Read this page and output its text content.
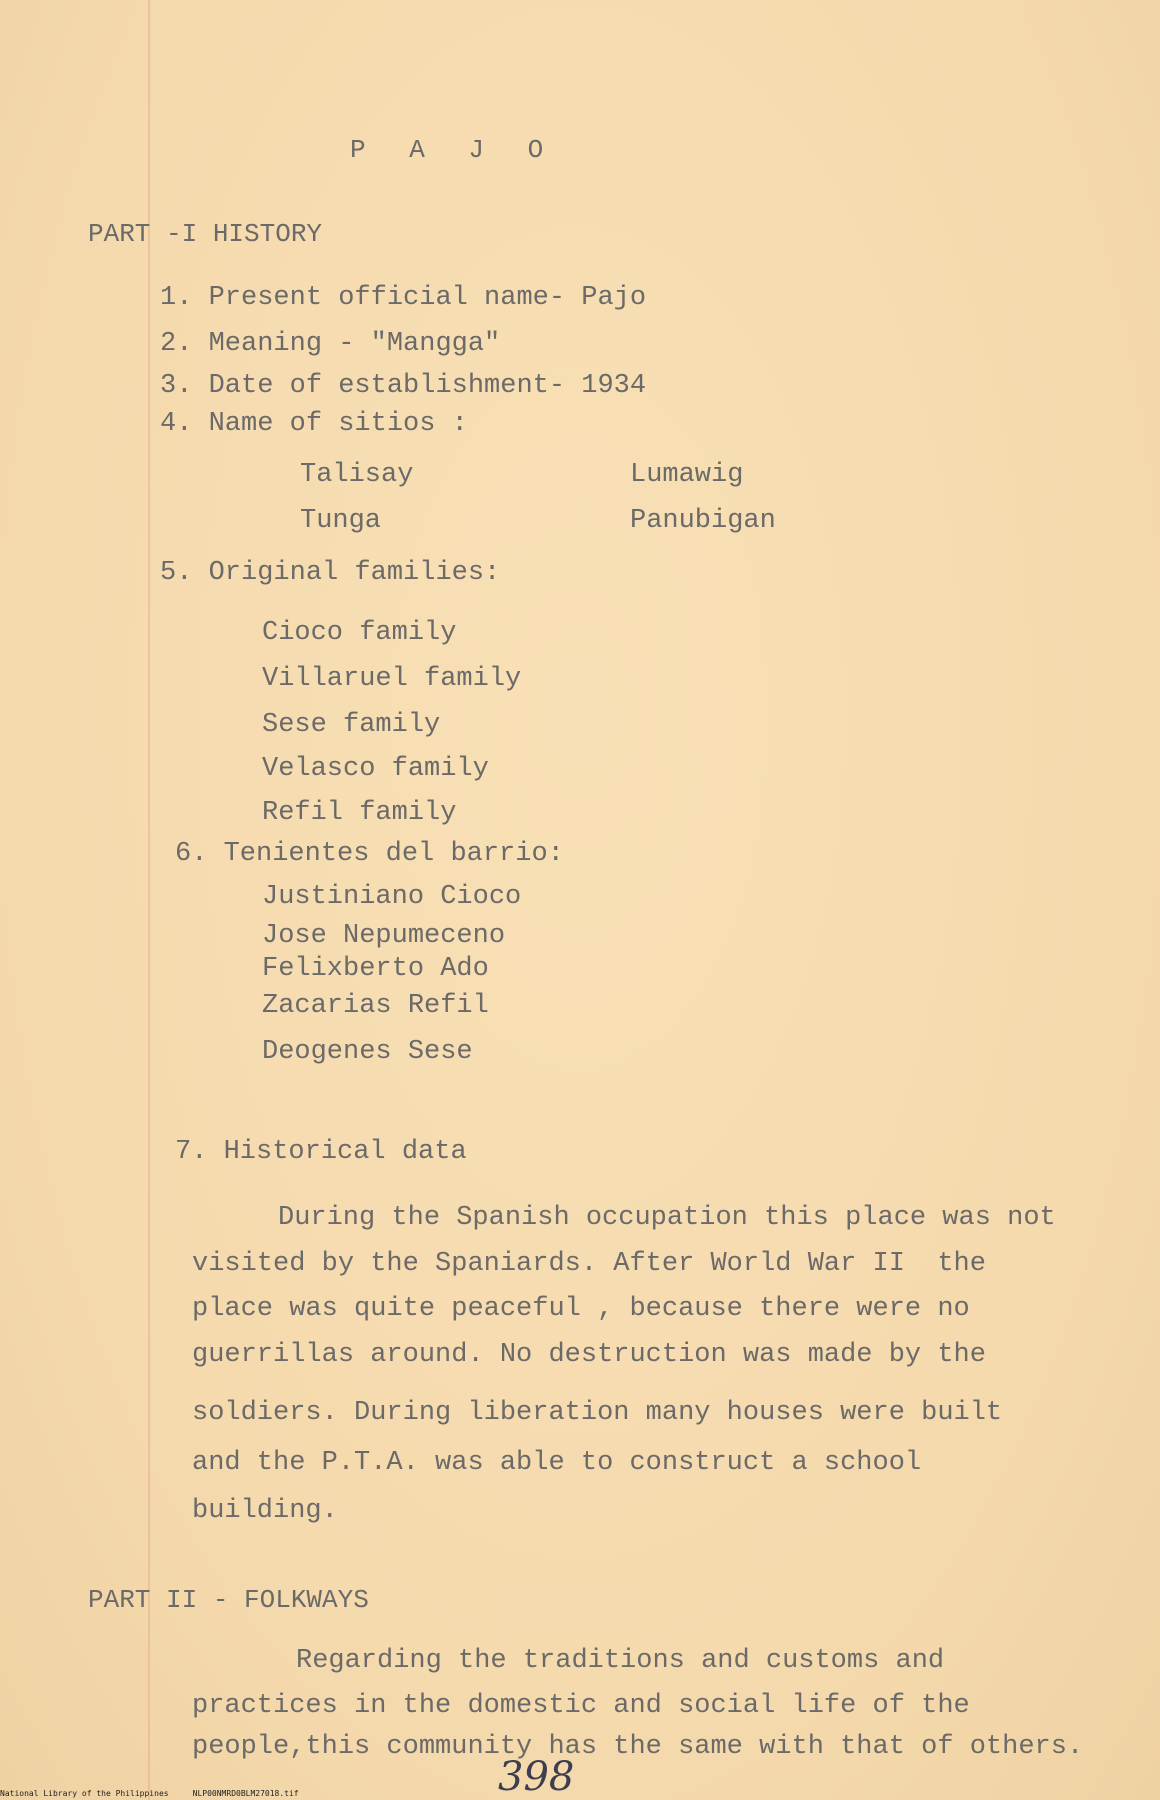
P A J O
PART -I HISTORY
1. Present official name- Pajo
2. Meaning - "Mangga"
3. Date of establishment- 1934
4. Name of sitios :
Talisay	Lumawig
Tunga	Panubigan
5. Original families:
Cioco family
Villaruel family
Sese family
Velasco family
Refil family
6. Tenientes del barrio:
Justiniano Cioco
Jose Nepumeceno
Felixberto Ado
Zacarias Refil
Deogenes Sese
7. Historical data
During the Spanish occupation this place was not
visited by the Spaniards. After World War II  the
place was quite peaceful , because there were no
guerrillas around. No destruction was made by the
soldiers. During liberation many houses were built
and the P.T.A. was able to construct a school
building.
PART II - FOLKWAYS
Regarding the traditions and customs and
practices in the domestic and social life of the
people,this community has the same with that of others.
398
National Library of the Philippines     NLP00NMRD0BLM27018.tif
